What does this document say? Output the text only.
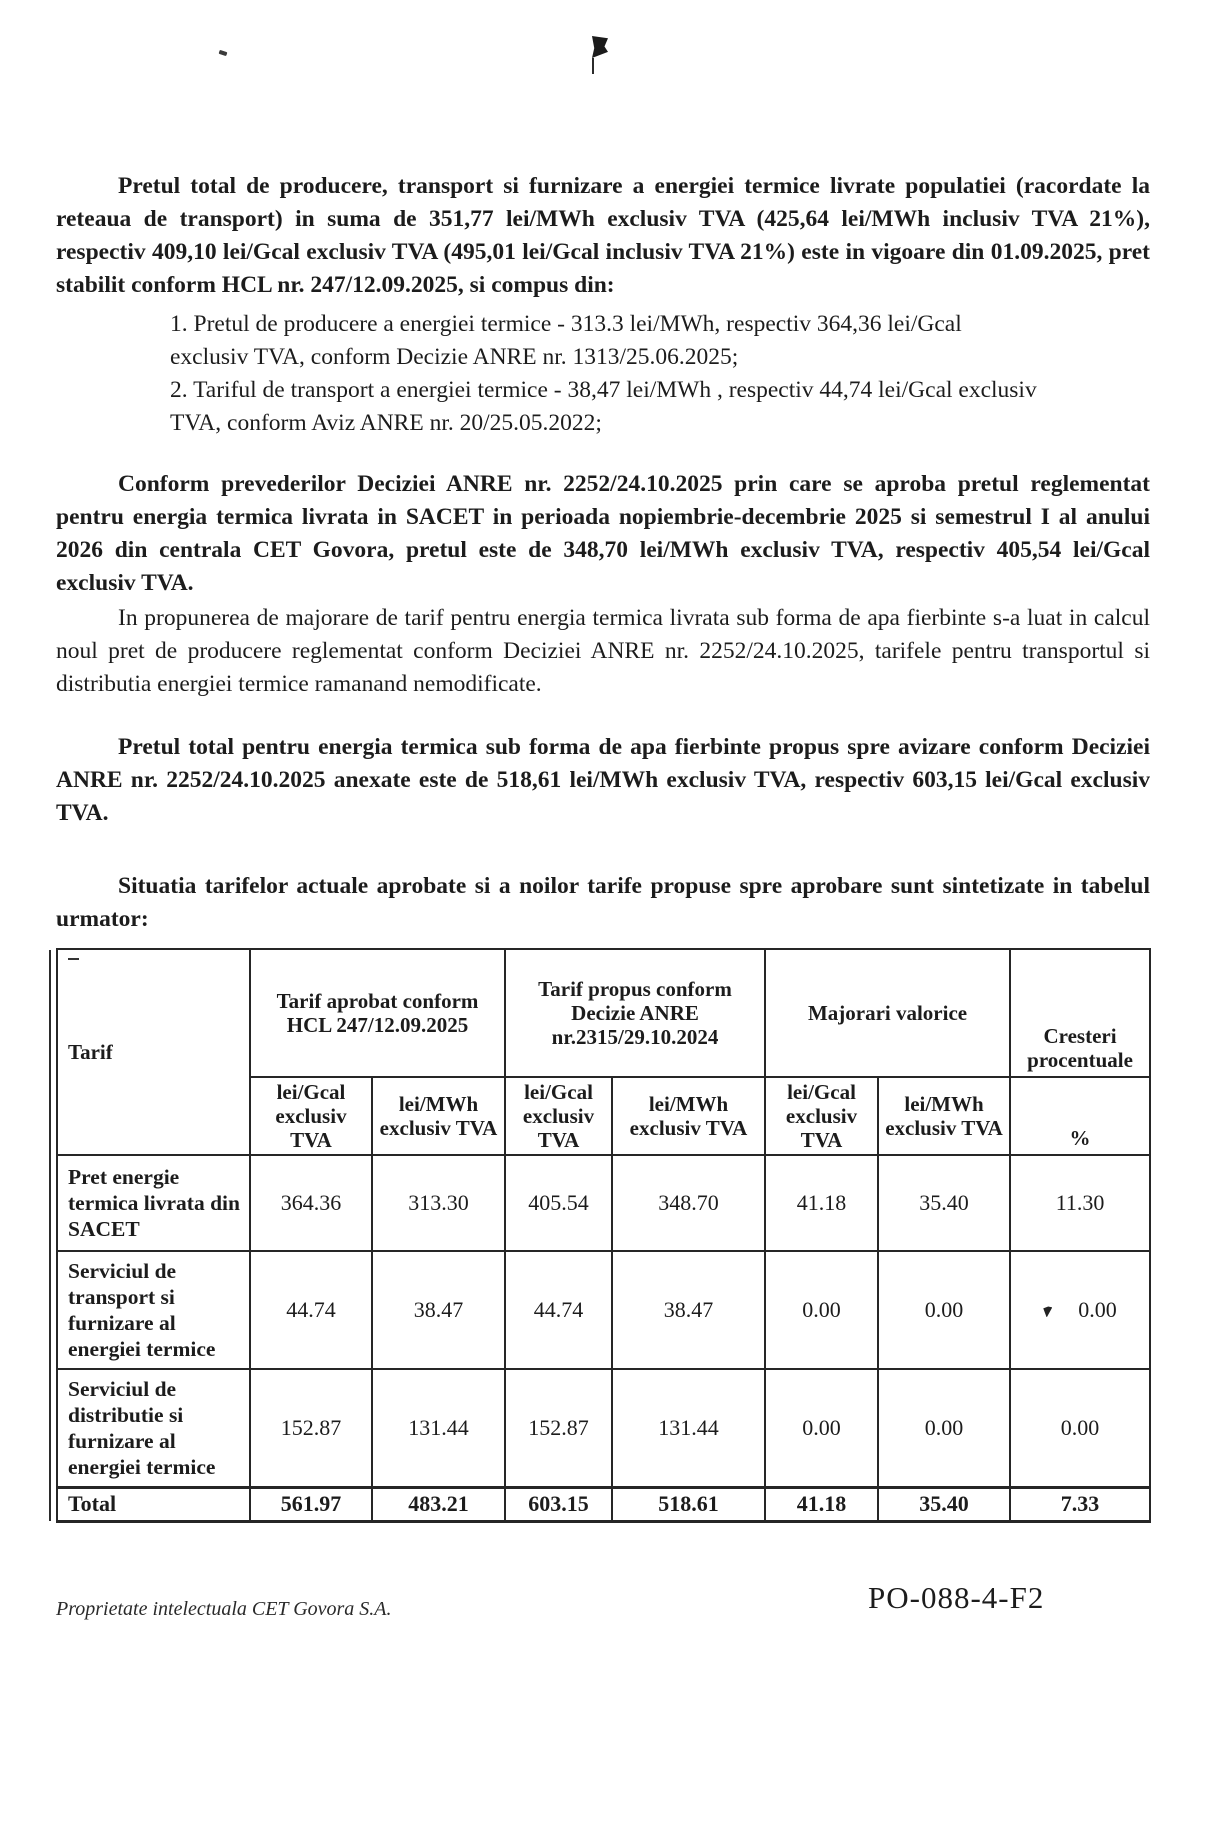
Pretul total de producere, transport si furnizare a energiei termice livrate populatiei (racordate la reteaua de transport) in suma de 351,77 lei/MWh exclusiv TVA (425,64 lei/MWh inclusiv TVA 21%), respectiv 409,10 lei/Gcal exclusiv TVA (495,01 lei/Gcal inclusiv TVA 21%) este in vigoare din 01.09.2025, pret stabilit conform HCL nr. 247/12.09.2025, si compus din:

1. Pretul de producere a energiei termice - 313.3 lei/MWh, respectiv 364,36 lei/Gcal exclusiv TVA, conform Decizie ANRE nr. 1313/25.06.2025;

2. Tariful de transport a energiei termice - 38,47 lei/MWh , respectiv 44,74 lei/Gcal exclusiv TVA, conform Aviz ANRE nr. 20/25.05.2022;

Conform prevederilor Deciziei ANRE nr. 2252/24.10.2025 prin care se aproba pretul reglementat pentru energia termica livrata in SACET in perioada nopiembrie-decembrie 2025 si semestrul I al anului 2026 din centrala CET Govora, pretul este de 348,70 lei/MWh exclusiv TVA, respectiv 405,54 lei/Gcal exclusiv TVA.

In propunerea de majorare de tarif pentru energia termica livrata sub forma de apa fierbinte s-a luat in calcul noul pret de producere reglementat conform Deciziei ANRE nr. 2252/24.10.2025, tarifele pentru transportul si distributia energiei termice ramanand nemodificate.

Pretul total pentru energia termica sub forma de apa fierbinte propus spre avizare conform Deciziei ANRE nr. 2252/24.10.2025 anexate este de 518,61 lei/MWh exclusiv TVA, respectiv 603,15 lei/Gcal exclusiv TVA.

Situatia tarifelor actuale aprobate si a noilor tarife propuse spre aprobare sunt sintetizate in tabelul urmator:

Tarif	Tarif aprobat conform HCL 247/12.09.2025		Tarif propus conform Decizie ANRE nr.2315/29.10.2024		Majorari valorice		Cresteri procentuale
	lei/Gcal exclusiv TVA	lei/MWh exclusiv TVA	lei/Gcal exclusiv TVA	lei/MWh exclusiv TVA	lei/Gcal exclusiv TVA	lei/MWh exclusiv TVA	%
Pret energie termica livrata din SACET	364.36	313.30	405.54	348.70	41.18	35.40	11.30
Serviciul de transport si furnizare al energiei termice	44.74	38.47	44.74	38.47	0.00	0.00	0.00
Serviciul de distributie si furnizare al energiei termice	152.87	131.44	152.87	131.44	0.00	0.00	0.00
Total	561.97	483.21	603.15	518.61	41.18	35.40	7.33
Proprietate intelectuala CET Govora S.A.	PO-088-4-F2
